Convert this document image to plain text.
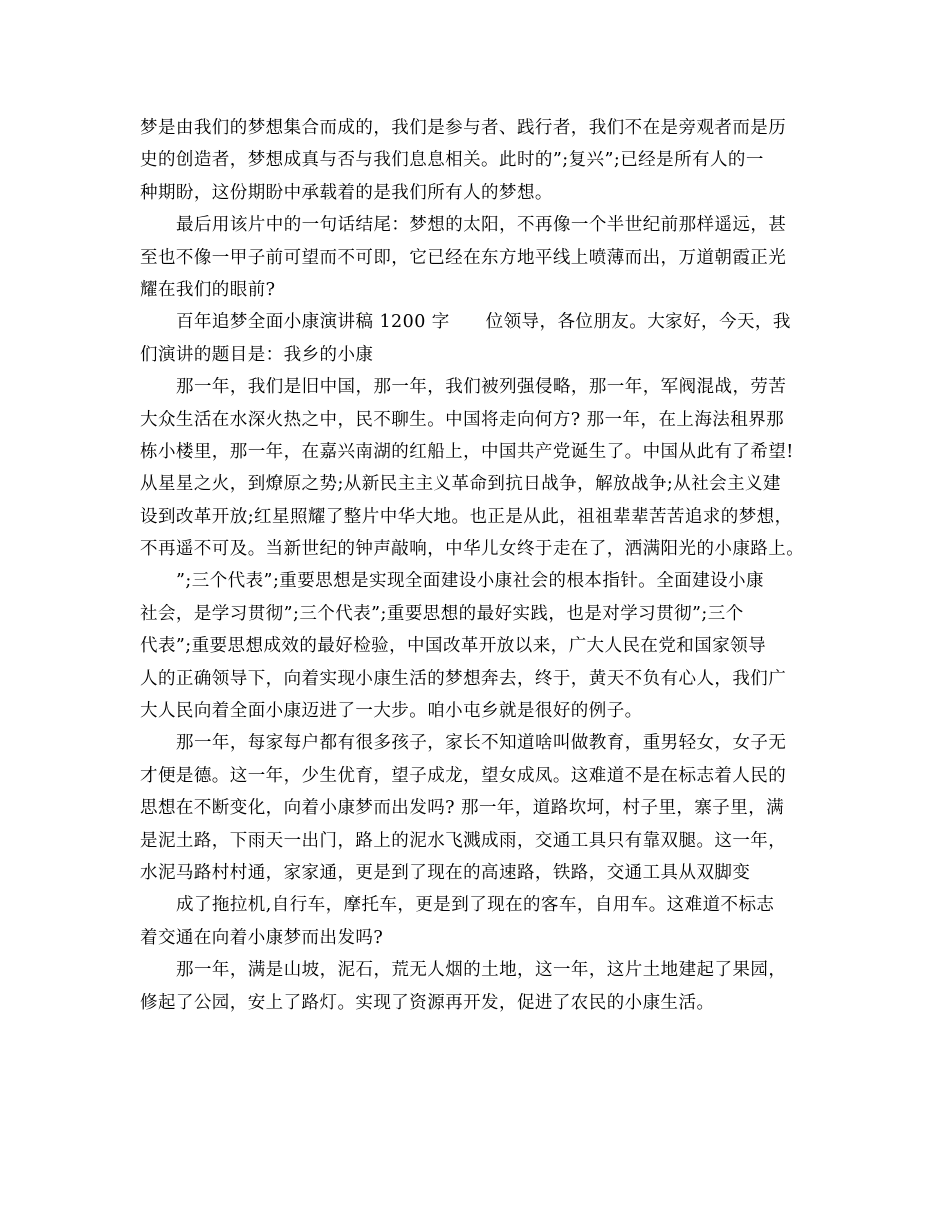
梦是由我们的梦想集合而成的，我们是参与者、践行者，我们不在是旁观者而是历
史的创造者，梦想成真与否与我们息息相关。此时的”;复兴”;已经是所有人的一
种期盼，这份期盼中承载着的是我们所有人的梦想。
最后用该片中的一句话结尾：梦想的太阳，不再像一个半世纪前那样遥远，甚
至也不像一甲子前可望而不可即，它已经在东方地平线上喷薄而出，万道朝霞正光
耀在我们的眼前?
百年追梦全面小康演讲稿 1200 字　　位领导，各位朋友。大家好，今天，我
们演讲的题目是：我乡的小康
那一年，我们是旧中国，那一年，我们被列强侵略，那一年，军阀混战，劳苦
大众生活在水深火热之中，民不聊生。中国将走向何方? 那一年，在上海法租界那
栋小楼里，那一年，在嘉兴南湖的红船上，中国共产党诞生了。中国从此有了希望!
从星星之火，到燎原之势;从新民主主义革命到抗日战争，解放战争;从社会主义建
设到改革开放;红星照耀了整片中华大地。也正是从此，祖祖辈辈苦苦追求的梦想，
不再遥不可及。当新世纪的钟声敲响，中华儿女终于走在了，洒满阳光的小康路上。
”;三个代表”;重要思想是实现全面建设小康社会的根本指针。全面建设小康
社会，是学习贯彻”;三个代表”;重要思想的最好实践，也是对学习贯彻”;三个
代表”;重要思想成效的最好检验，中国改革开放以来，广大人民在党和国家领导
人的正确领导下，向着实现小康生活的梦想奔去，终于，黄天不负有心人，我们广
大人民向着全面小康迈进了一大步。咱小屯乡就是很好的例子。
那一年，每家每户都有很多孩子，家长不知道啥叫做教育，重男轻女，女子无
才便是德。这一年，少生优育，望子成龙，望女成凤。这难道不是在标志着人民的
思想在不断变化，向着小康梦而出发吗? 那一年，道路坎坷，村子里，寨子里，满
是泥土路，下雨天一出门，路上的泥水飞溅成雨，交通工具只有靠双腿。这一年，
水泥马路村村通，家家通，更是到了现在的高速路，铁路，交通工具从双脚变
成了拖拉机,自行车，摩托车，更是到了现在的客车，自用车。这难道不标志
着交通在向着小康梦而出发吗?
那一年，满是山坡，泥石，荒无人烟的土地，这一年，这片土地建起了果园，
修起了公园，安上了路灯。实现了资源再开发，促进了农民的小康生活。
